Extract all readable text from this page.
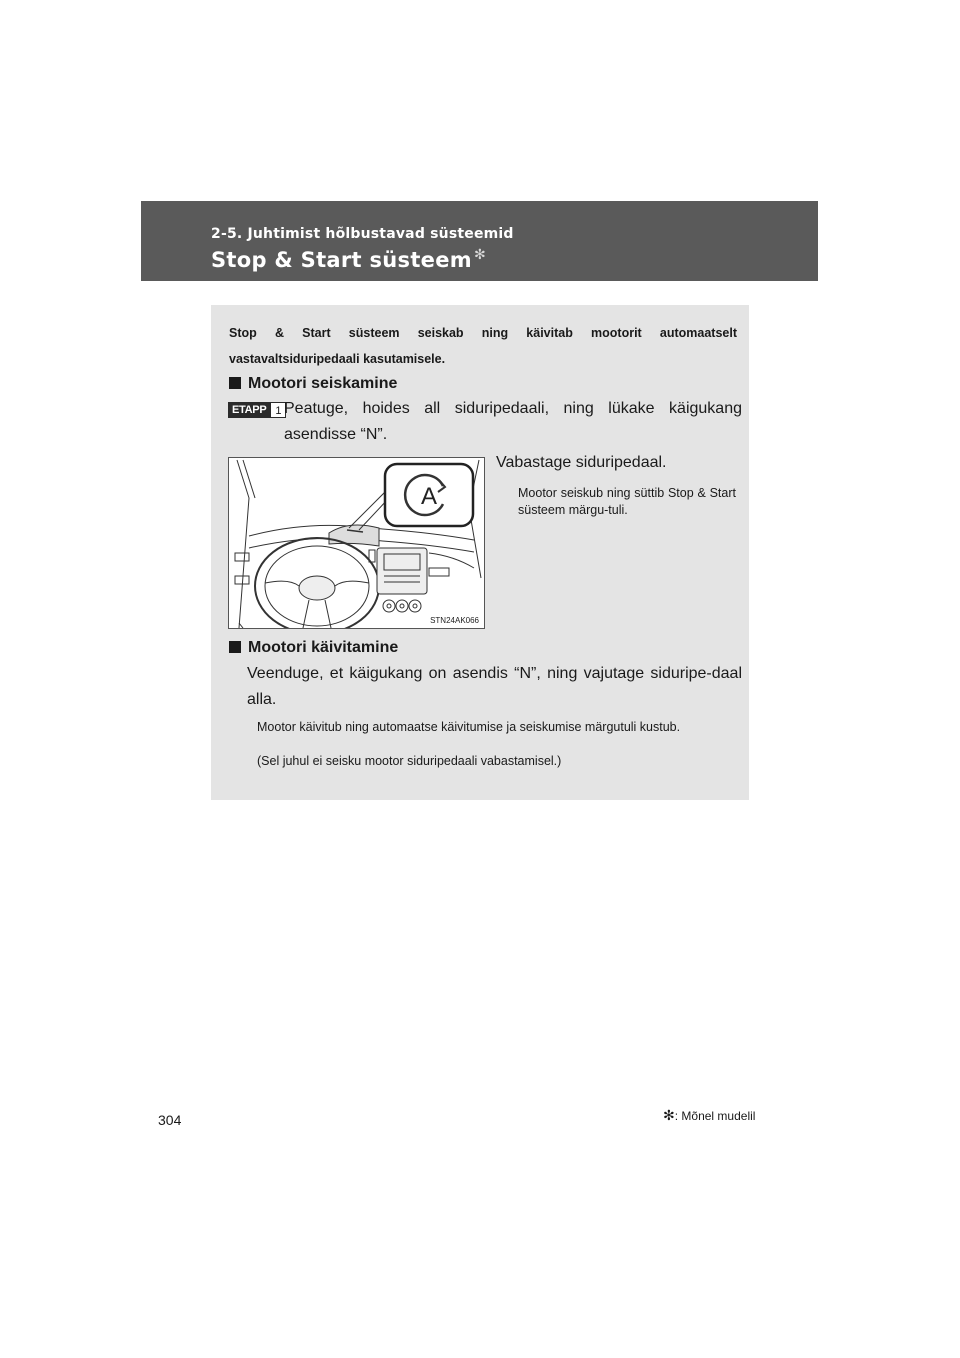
2-5. Juhtimist hõlbustavad süsteemid
Stop & Start süsteem ✻
Stop & Start süsteem seiskab ning käivitab mootorit automaatselt vastavaltsiduripedaali kasutamisele.
Mootori seiskamine
ETAPP 1 Peatuge, hoides all siduripedaali, ning lükake käigukang asendisse “N”.
A
STN24AK066
Vabastage siduripedaal.
Mootor seiskub ning süttib Stop & Start süsteem märgu-tuli.
Mootori käivitamine
Veenduge, et käigukang on asendis “N”, ning vajutage siduripe-daal alla.
Mootor käivitub ning automaatse käivitumise ja seiskumise märgutuli kustub.
(Sel juhul ei seisku mootor siduripedaali vabastamisel.)
✻: Mõnel mudelil
304
